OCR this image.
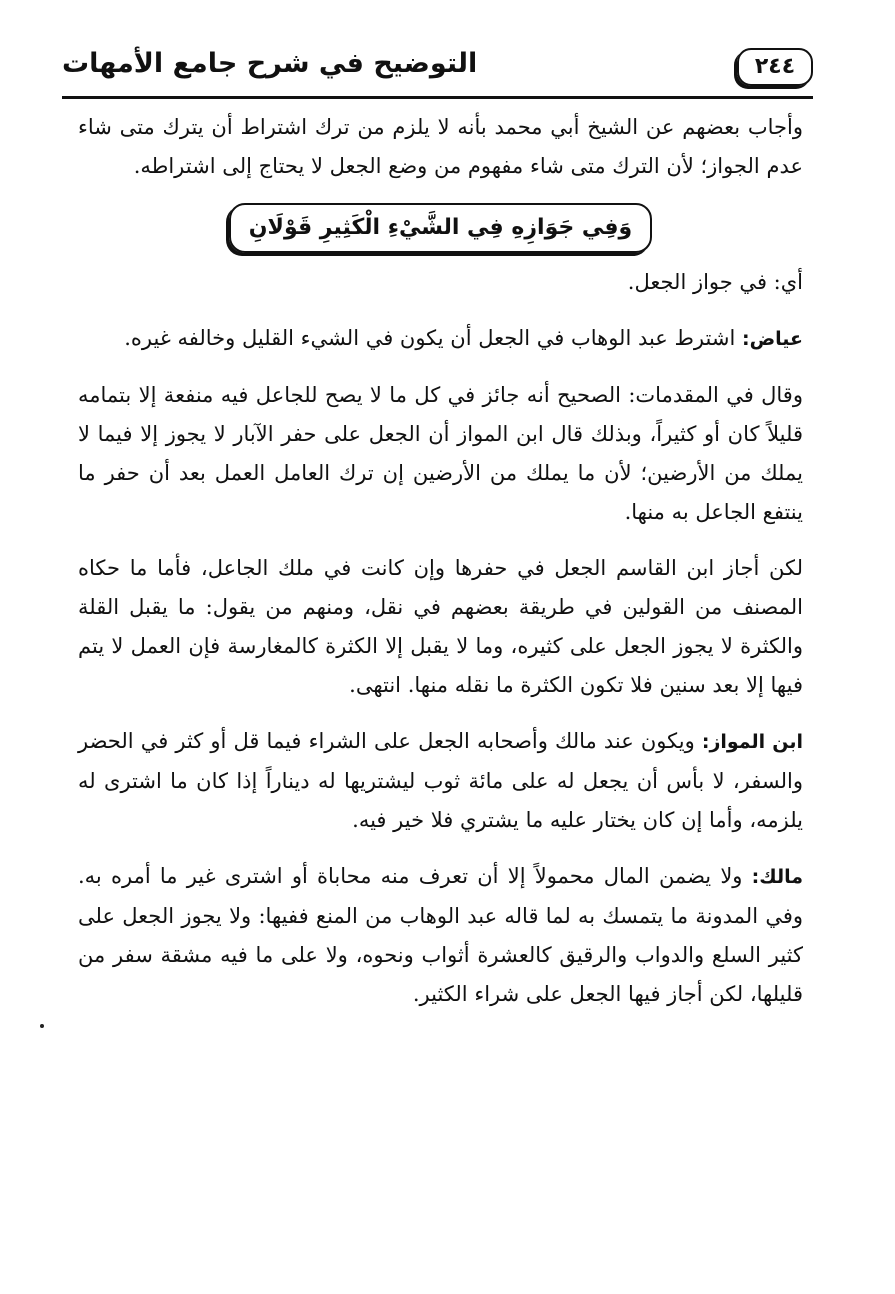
٢٤٤
التوضيح في شرح جامع الأمهات

وأجاب بعضهم عن الشيخ أبي محمد بأنه لا يلزم من ترك اشتراط أن يترك متى شاء عدم الجواز؛ لأن الترك متى شاء مفهوم من وضع الجعل لا يحتاج إلى اشتراطه.

وَفِي جَوَازِهِ فِي الشَّيْءِ الْكَثِيرِ قَوْلَانِ

أي: في جواز الجعل.

عياض: اشترط عبد الوهاب في الجعل أن يكون في الشيء القليل وخالفه غيره.

وقال في المقدمات: الصحيح أنه جائز في كل ما لا يصح للجاعل فيه منفعة إلا بتمامه قليلاً كان أو كثيراً، وبذلك قال ابن المواز أن الجعل على حفر الآبار لا يجوز إلا فيما لا يملك من الأرضين؛ لأن ما يملك من الأرضين إن ترك العامل العمل بعد أن حفر ما ينتفع الجاعل به منها.

لكن أجاز ابن القاسم الجعل في حفرها وإن كانت في ملك الجاعل، فأما ما حكاه المصنف من القولين في طريقة بعضهم في نقل، ومنهم من يقول: ما يقبل القلة والكثرة لا يجوز الجعل على كثيره، وما لا يقبل إلا الكثرة كالمغارسة فإن العمل لا يتم فيها إلا بعد سنين فلا تكون الكثرة ما نقله منها. انتهى.

ابن المواز: ويكون عند مالك وأصحابه الجعل على الشراء فيما قل أو كثر في الحضر والسفر، لا بأس أن يجعل له على مائة ثوب ليشتريها له ديناراً إذا كان ما اشترى له يلزمه، وأما إن كان يختار عليه ما يشتري فلا خير فيه.

مالك: ولا يضمن المال محمولاً إلا أن تعرف منه محاباة أو اشترى غير ما أمره به. وفي المدونة ما يتمسك به لما قاله عبد الوهاب من المنع ففيها: ولا يجوز الجعل على كثير السلع والدواب والرقيق كالعشرة أثواب ونحوه، ولا على ما فيه مشقة سفر من قليلها، لكن أجاز فيها الجعل على شراء الكثير.
